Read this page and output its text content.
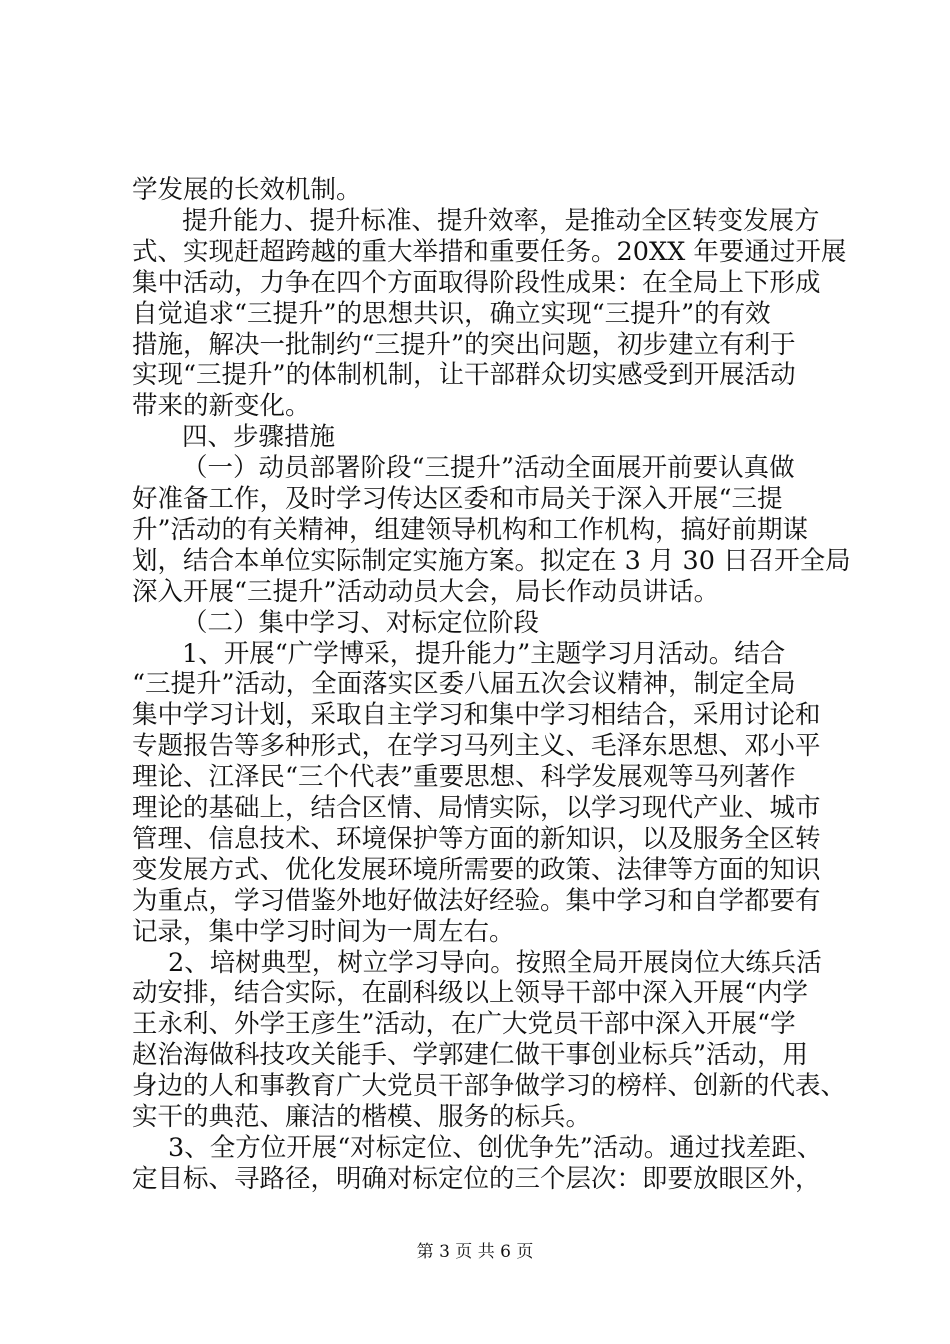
学发展的长效机制。
提升能力、提升标准、提升效率，是推动全区转变发展方
式、实现赶超跨越的重大举措和重要任务。20XX 年要通过开展
集中活动，力争在四个方面取得阶段性成果：在全局上下形成
自觉追求“三提升”的思想共识，确立实现“三提升”的有效
措施，解决一批制约“三提升”的突出问题，初步建立有利于
实现“三提升”的体制机制，让干部群众切实感受到开展活动
带来的新变化。
四、步骤措施
（一）动员部署阶段“三提升”活动全面展开前要认真做
好准备工作，及时学习传达区委和市局关于深入开展“三提
升”活动的有关精神，组建领导机构和工作机构，搞好前期谋
划，结合本单位实际制定实施方案。拟定在 3 月 30 日召开全局
深入开展“三提升”活动动员大会，局长作动员讲话。
（二）集中学习、对标定位阶段
1、开展“广学博采，提升能力”主题学习月活动。结合
“三提升”活动，全面落实区委八届五次会议精神，制定全局
集中学习计划，采取自主学习和集中学习相结合，采用讨论和
专题报告等多种形式，在学习马列主义、毛泽东思想、邓小平
理论、江泽民“三个代表”重要思想、科学发展观等马列著作
理论的基础上，结合区情、局情实际，以学习现代产业、城市
管理、信息技术、环境保护等方面的新知识，以及服务全区转
变发展方式、优化发展环境所需要的政策、法律等方面的知识
为重点，学习借鉴外地好做法好经验。集中学习和自学都要有
记录，集中学习时间为一周左右。
2、培树典型，树立学习导向。按照全局开展岗位大练兵活
动安排，结合实际，在副科级以上领导干部中深入开展“内学
王永利、外学王彦生”活动，在广大党员干部中深入开展“学
赵治海做科技攻关能手、学郭建仁做干事创业标兵”活动，用
身边的人和事教育广大党员干部争做学习的榜样、创新的代表、
实干的典范、廉洁的楷模、服务的标兵。
3、全方位开展“对标定位、创优争先”活动。通过找差距、
定目标、寻路径，明确对标定位的三个层次：即要放眼区外，
第 3 页 共 6 页
